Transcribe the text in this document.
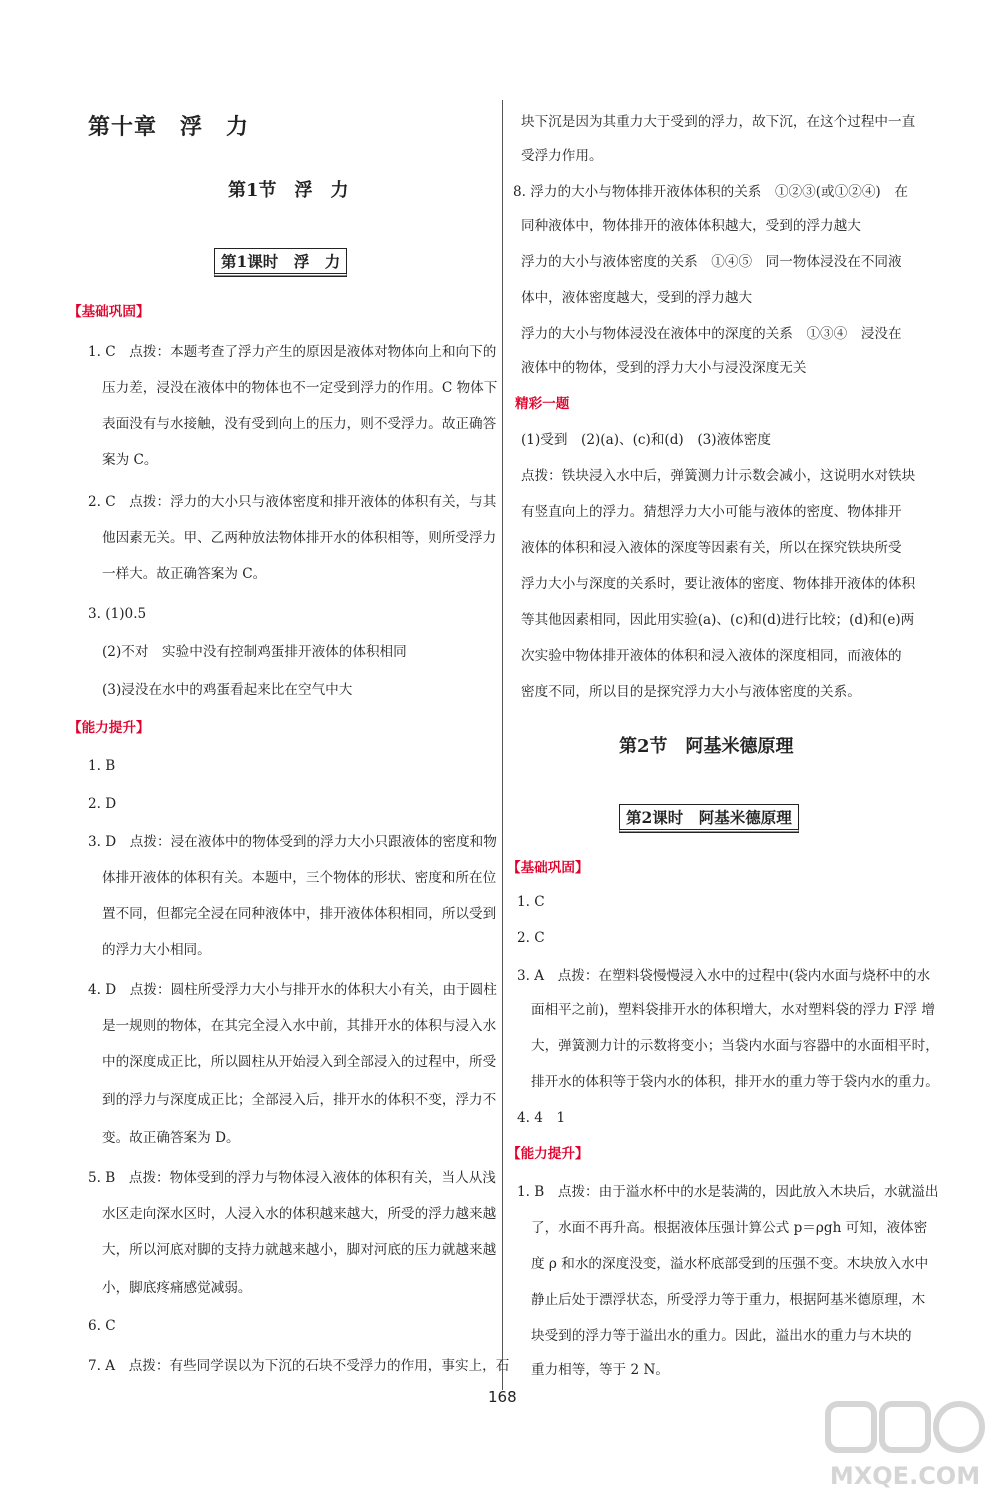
第十章　浮　力
第1节　浮　力
第1课时　浮　力
【基础巩固】
1. C　点拨：本题考查了浮力产生的原因是液体对物体向上和向下的
压力差，浸没在液体中的物体也不一定受到浮力的作用。C 物体下
表面没有与水接触，没有受到向上的压力，则不受浮力。故正确答
案为 C。
2. C　点拨：浮力的大小只与液体密度和排开液体的体积有关，与其
他因素无关。甲、乙两种放法物体排开水的体积相等，则所受浮力
一样大。故正确答案为 C。
3. (1)0.5
(2)不对　实验中没有控制鸡蛋排开液体的体积相同
(3)浸没在水中的鸡蛋看起来比在空气中大
【能力提升】
1. B
2. D
3. D　点拨：浸在液体中的物体受到的浮力大小只跟液体的密度和物
体排开液体的体积有关。本题中，三个物体的形状、密度和所在位
置不同，但都完全浸在同种液体中，排开液体体积相同，所以受到
的浮力大小相同。
4. D　点拨：圆柱所受浮力大小与排开水的体积大小有关，由于圆柱
是一规则的物体，在其完全浸入水中前，其排开水的体积与浸入水
中的深度成正比，所以圆柱从开始浸入到全部浸入的过程中，所受
到的浮力与深度成正比；全部浸入后，排开水的体积不变，浮力不
变。故正确答案为 D。
5. B　点拨：物体受到的浮力与物体浸入液体的体积有关，当人从浅
水区走向深水区时，人浸入水的体积越来越大，所受的浮力越来越
大，所以河底对脚的支持力就越来越小，脚对河底的压力就越来越
小，脚底疼痛感觉减弱。
6. C
7. A　点拨：有些同学误以为下沉的石块不受浮力的作用，事实上，石
块下沉是因为其重力大于受到的浮力，故下沉，在这个过程中一直
受浮力作用。
8. 浮力的大小与物体排开液体体积的关系　①②③(或①②④)　在
同种液体中，物体排开的液体体积越大，受到的浮力越大
浮力的大小与液体密度的关系　①④⑤　同一物体浸没在不同液
体中，液体密度越大，受到的浮力越大
浮力的大小与物体浸没在液体中的深度的关系　①③④　浸没在
液体中的物体，受到的浮力大小与浸没深度无关
精彩一题
(1)受到　(2)(a)、(c)和(d)　(3)液体密度
点拨：铁块浸入水中后，弹簧测力计示数会减小，这说明水对铁块
有竖直向上的浮力。猜想浮力大小可能与液体的密度、物体排开
液体的体积和浸入液体的深度等因素有关，所以在探究铁块所受
浮力大小与深度的关系时，要让液体的密度、物体排开液体的体积
等其他因素相同，因此用实验(a)、(c)和(d)进行比较；(d)和(e)两
次实验中物体排开液体的体积和浸入液体的深度相同，而液体的
密度不同，所以目的是探究浮力大小与液体密度的关系。
第2节　阿基米德原理
第2课时　阿基米德原理
【基础巩固】
1. C
2. C
3. A　点拨：在塑料袋慢慢浸入水中的过程中(袋内水面与烧杯中的水
面相平之前)，塑料袋排开水的体积增大，水对塑料袋的浮力 F浮 增
大，弹簧测力计的示数将变小；当袋内水面与容器中的水面相平时，
排开水的体积等于袋内水的体积，排开水的重力等于袋内水的重力。
4. 4　1
【能力提升】
1. B　点拨：由于溢水杯中的水是装满的，因此放入木块后，水就溢出
了，水面不再升高。根据液体压强计算公式 p＝ρgh 可知，液体密
度 ρ 和水的深度没变，溢水杯底部受到的压强不变。木块放入水中
静止后处于漂浮状态，所受浮力等于重力，根据阿基米德原理，木
块受到的浮力等于溢出水的重力。因此，溢出水的重力与木块的
重力相等，等于 2 N。
168
MXQE.COM
